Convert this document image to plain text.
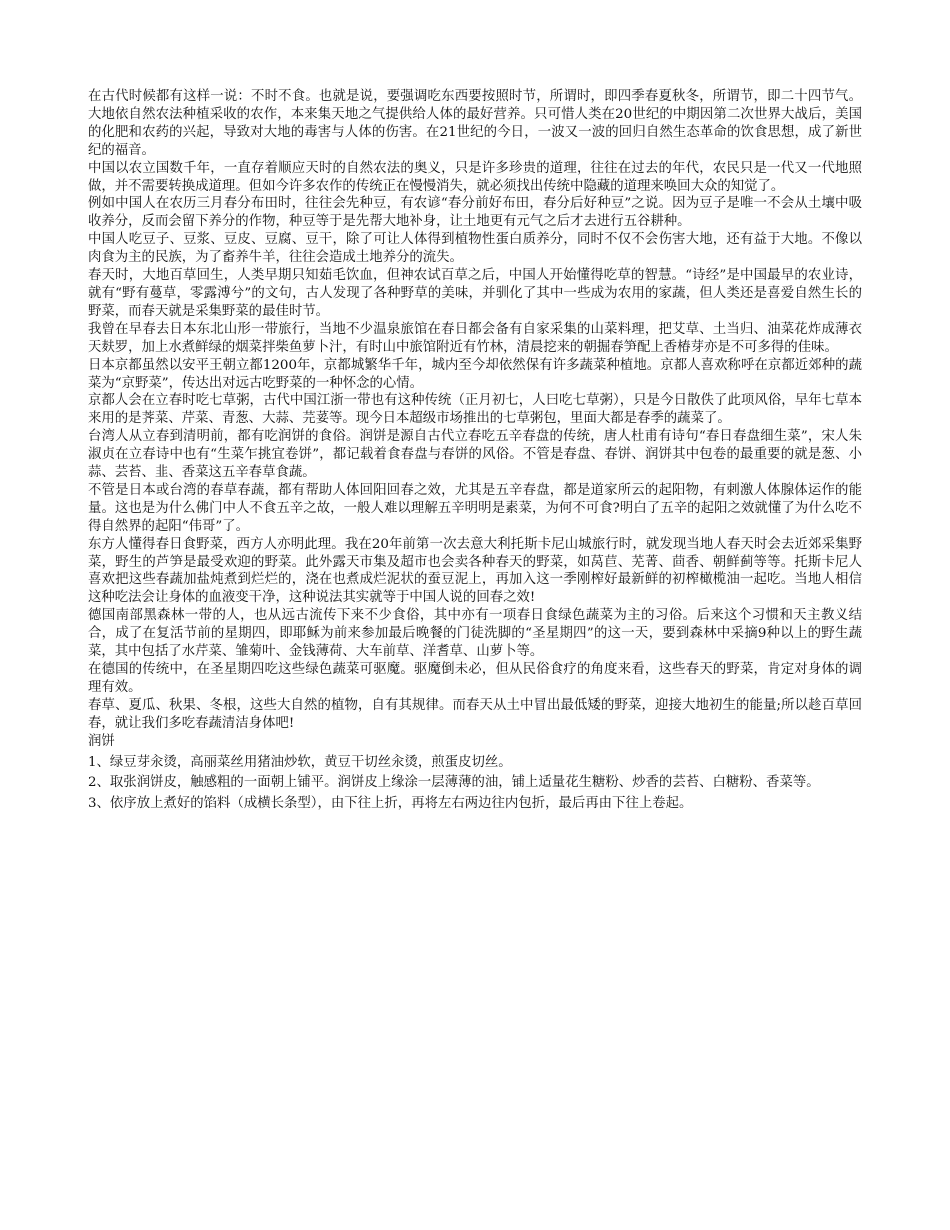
在古代时候都有这样一说：不时不食。也就是说，要强调吃东西要按照时节，所谓时，即四季春夏秋冬，所谓节，即二十四节气。大地依自然农法种植采收的农作，本来集天地之气提供给人体的最好营养。只可惜人类在20世纪的中期因第二次世界大战后，美国的化肥和农药的兴起，导致对大地的毒害与人体的伤害。在21世纪的今日，一波又一波的回归自然生态革命的饮食思想，成了新世纪的福音。

中国以农立国数千年，一直存着顺应天时的自然农法的奥义，只是许多珍贵的道理，往往在过去的年代，农民只是一代又一代地照做，并不需要转换成道理。但如今许多农作的传统正在慢慢消失，就必须找出传统中隐藏的道理来唤回大众的知觉了。

例如中国人在农历三月春分布田时，往往会先种豆，有农谚“春分前好布田，春分后好种豆”之说。因为豆子是唯一不会从土壤中吸收养分，反而会留下养分的作物，种豆等于是先帮大地补身，让土地更有元气之后才去进行五谷耕种。

中国人吃豆子、豆浆、豆皮、豆腐、豆干，除了可让人体得到植物性蛋白质养分，同时不仅不会伤害大地，还有益于大地。不像以肉食为主的民族，为了畜养牛羊，往往会造成土地养分的流失。

春天时，大地百草回生，人类早期只知茹毛饮血，但神农试百草之后，中国人开始懂得吃草的智慧。“诗经”是中国最早的农业诗，就有“野有蔓草，零露溥兮”的文句，古人发现了各种野草的美味，并驯化了其中一些成为农用的家蔬，但人类还是喜爱自然生长的野菜，而春天就是采集野菜的最佳时节。

我曾在早春去日本东北山形一带旅行，当地不少温泉旅馆在春日都会备有自家采集的山菜料理，把艾草、土当归、油菜花炸成薄衣天麸罗，加上水煮鲜绿的烟菜拌柴鱼萝卜汁，有时山中旅馆附近有竹林，清晨挖来的朝掘春笋配上香椿芽亦是不可多得的佳味。

日本京都虽然以安平王朝立都1200年，京都城繁华千年，城内至今却依然保有许多蔬菜种植地。京都人喜欢称呼在京都近郊种的蔬菜为“京野菜”，传达出对远古吃野菜的一种怀念的心情。

京都人会在立春时吃七草粥，古代中国江浙一带也有这种传统（正月初七，人曰吃七草粥），只是今日散佚了此项风俗，早年七草本来用的是荠菜、芹菜、青葱、大蒜、芫荽等。现今日本超级市场推出的七草粥包，里面大都是春季的蔬菜了。

台湾人从立春到清明前，都有吃润饼的食俗。润饼是源自古代立春吃五辛春盘的传统，唐人杜甫有诗句“春日春盘细生菜”，宋人朱淑贞在立春诗中也有“生菜乍挑宜卷饼”，都记载着食春盘与春饼的风俗。不管是春盘、春饼、润饼其中包卷的最重要的就是葱、小蒜、芸苔、韭、香菜这五辛春草食蔬。

不管是日本或台湾的春草春蔬，都有帮助人体回阳回春之效，尤其是五辛春盘，都是道家所云的起阳物，有刺激人体腺体运作的能量。这也是为什么佛门中人不食五辛之故，一般人难以理解五辛明明是素菜，为何不可食?明白了五辛的起阳之效就懂了为什么吃不得自然界的起阳“伟哥”了。

东方人懂得春日食野菜，西方人亦明此理。我在20年前第一次去意大利托斯卡尼山城旅行时，就发现当地人春天时会去近郊采集野菜，野生的芦笋是最受欢迎的野菜。此外露天市集及超市也会卖各种春天的野菜，如莴苣、芜菁、茴香、朝鲜蓟等等。托斯卡尼人喜欢把这些春蔬加盐炖煮到烂烂的，浇在也煮成烂泥状的蚕豆泥上，再加入这一季刚榨好最新鲜的初榨橄榄油一起吃。当地人相信这种吃法会让身体的血液变干净，这种说法其实就等于中国人说的回春之效!

德国南部黑森林一带的人，也从远古流传下来不少食俗，其中亦有一项春日食绿色蔬菜为主的习俗。后来这个习惯和天主教义结合，成了在复活节前的星期四，即耶稣为前来参加最后晚餐的门徒洗脚的“圣星期四”的这一天，要到森林中采摘9种以上的野生蔬菜，其中包括了水芹菜、雏菊叶、金钱薄荷、大车前草、洋耆草、山萝卜等。

在德国的传统中，在圣星期四吃这些绿色蔬菜可驱魔。驱魔倒未必，但从民俗食疗的角度来看，这些春天的野菜，肯定对身体的调理有效。

春草、夏瓜、秋果、冬根，这些大自然的植物，自有其规律。而春天从土中冒出最低矮的野菜，迎接大地初生的能量;所以趁百草回春，就让我们多吃春蔬清洁身体吧!

润饼

1、绿豆芽汆烫，高丽菜丝用猪油炒软，黄豆干切丝汆烫，煎蛋皮切丝。

2、取张润饼皮，触感粗的一面朝上铺平。润饼皮上缘涂一层薄薄的油，铺上适量花生糖粉、炒香的芸苔、白糖粉、香菜等。

3、依序放上煮好的馅料（成横长条型），由下往上折，再将左右两边往内包折，最后再由下往上卷起。
